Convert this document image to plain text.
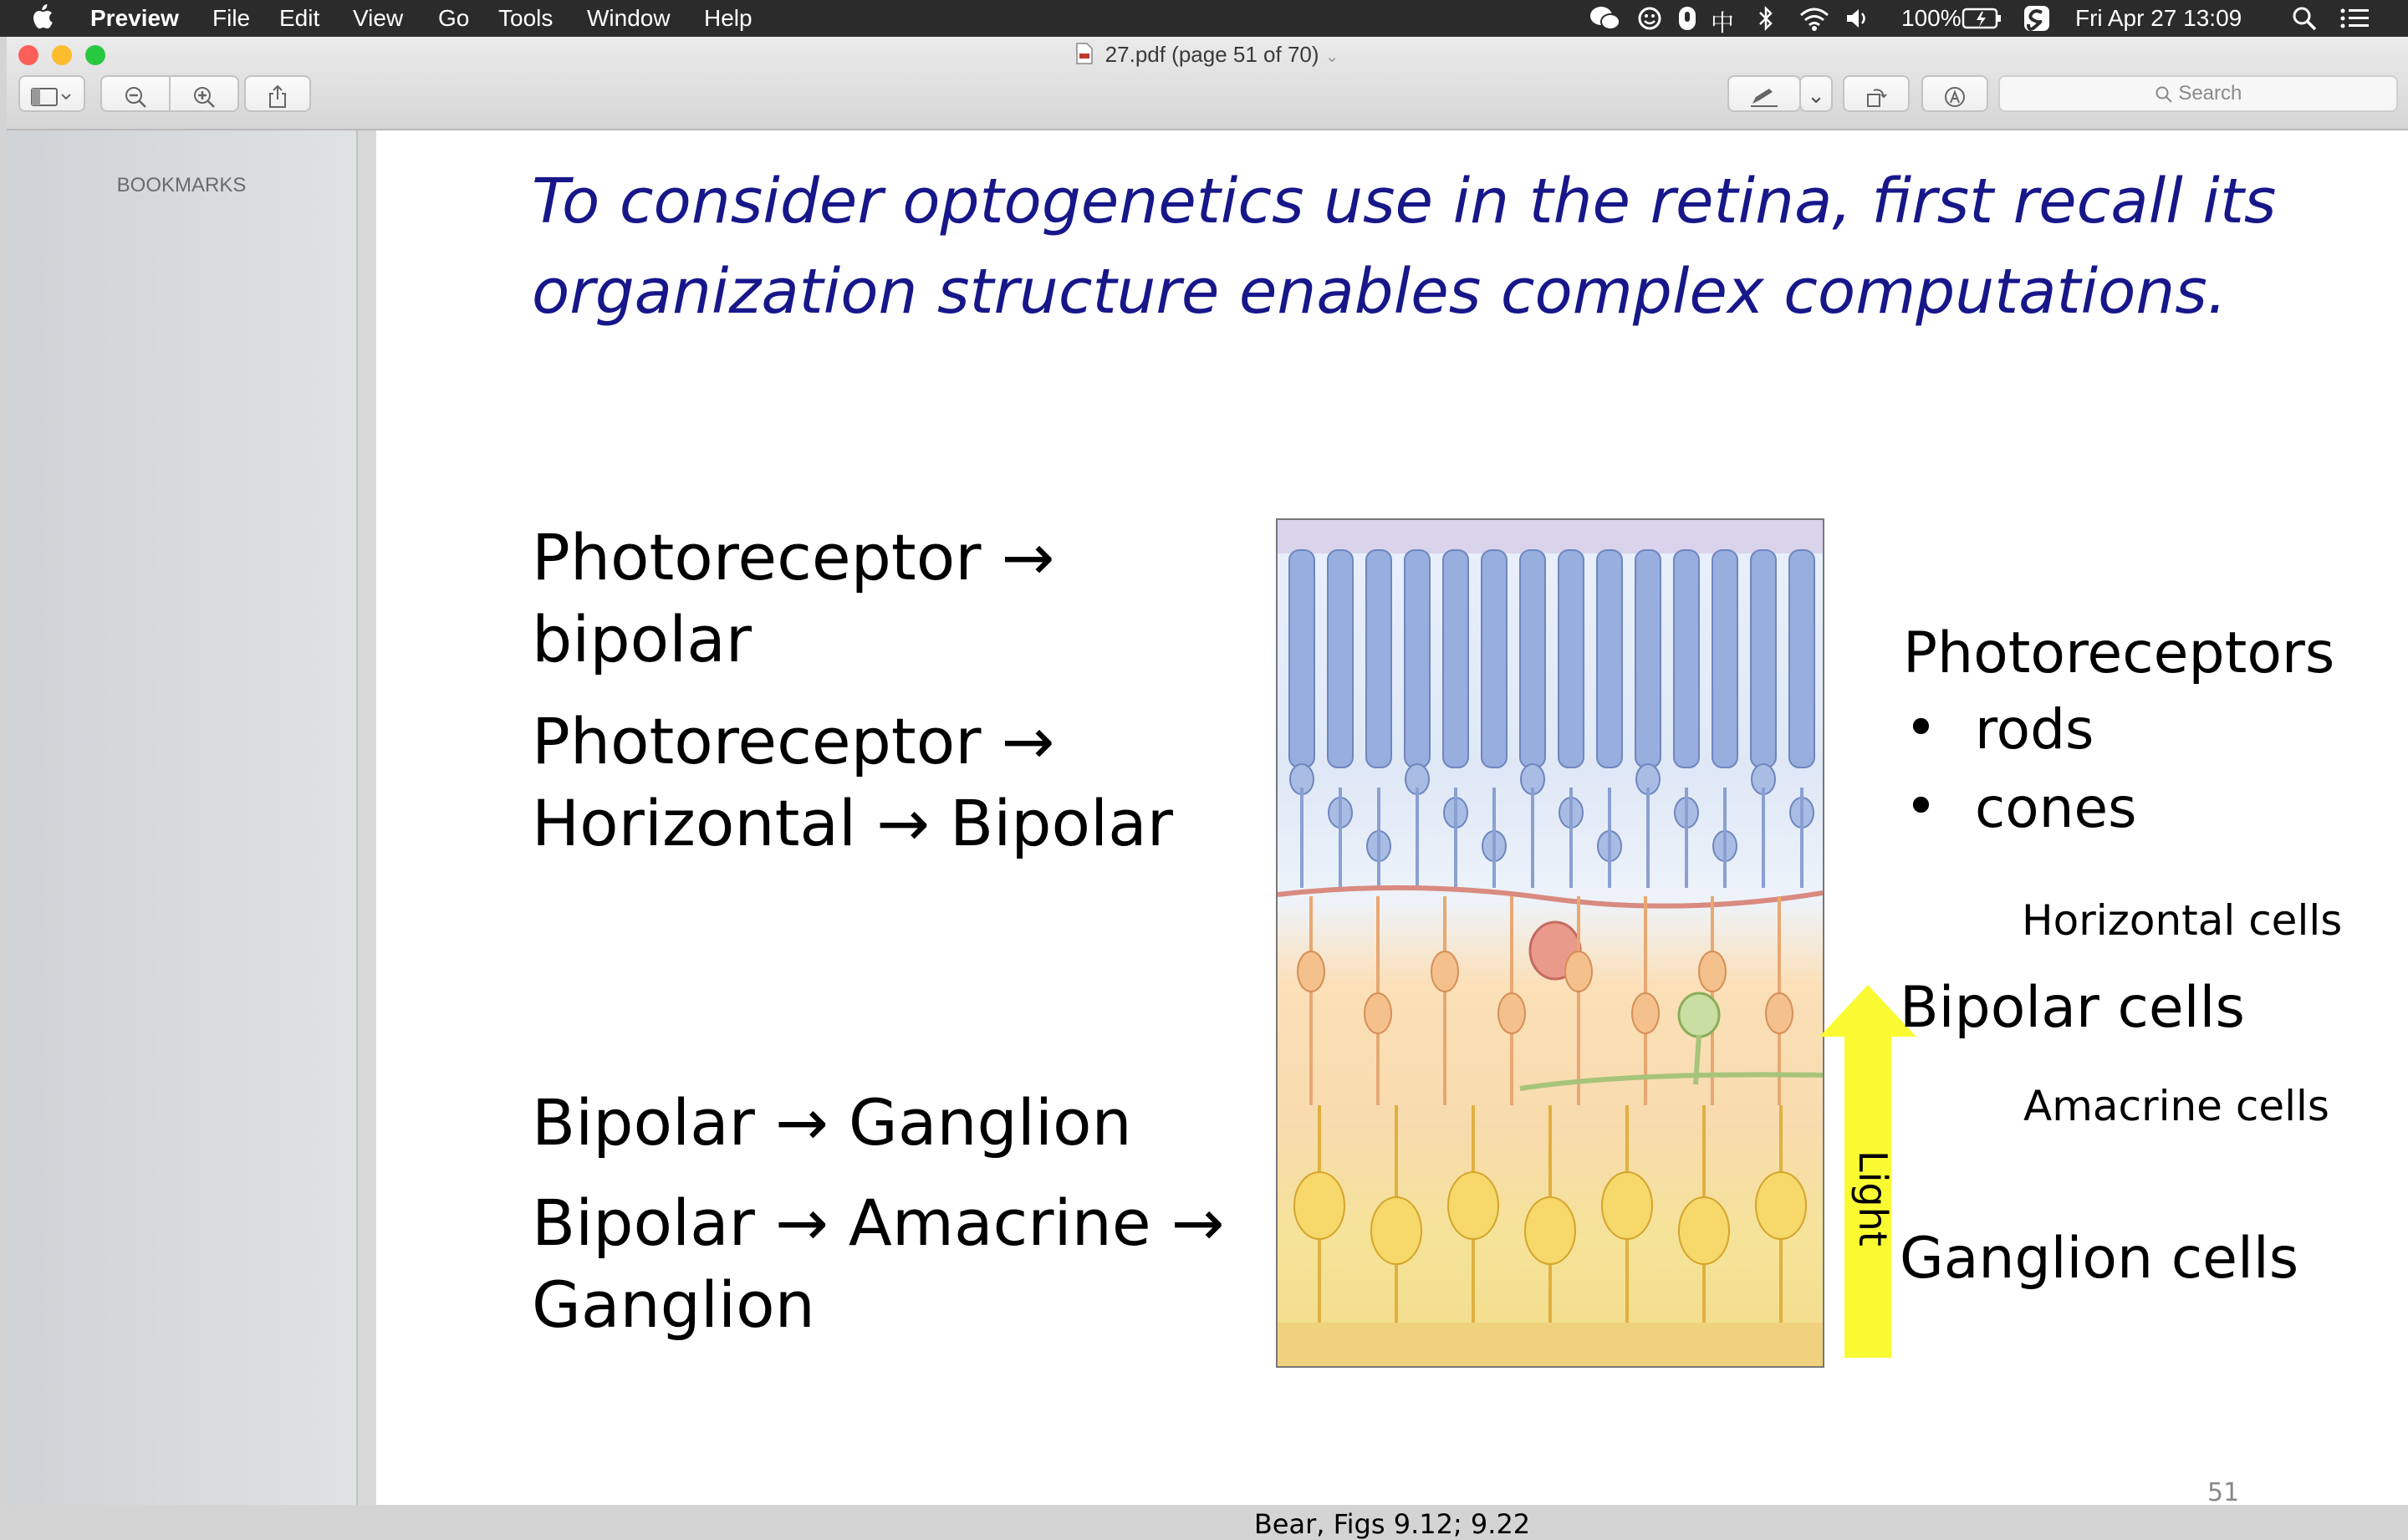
Preview File Edit View Go Tools Window Help	中	100%	Fri Apr 27 13:09
27.pdf (page 51 of 70) ⌄
⌄	Search
BOOKMARKS	To consider optogenetics use in the retina, first recall its
organization structure enables complex computations.
Photoreceptor →
bipolar
Photoreceptor →
Horizontal → Bipolar
Bipolar → Ganglion
Bipolar → Amacrine →
Ganglion
Light
Photoreceptors
• rods
• cones
Horizontal cells
Bipolar cells
Amacrine cells
Ganglion cells
51
Bear, Figs 9.12; 9.22
